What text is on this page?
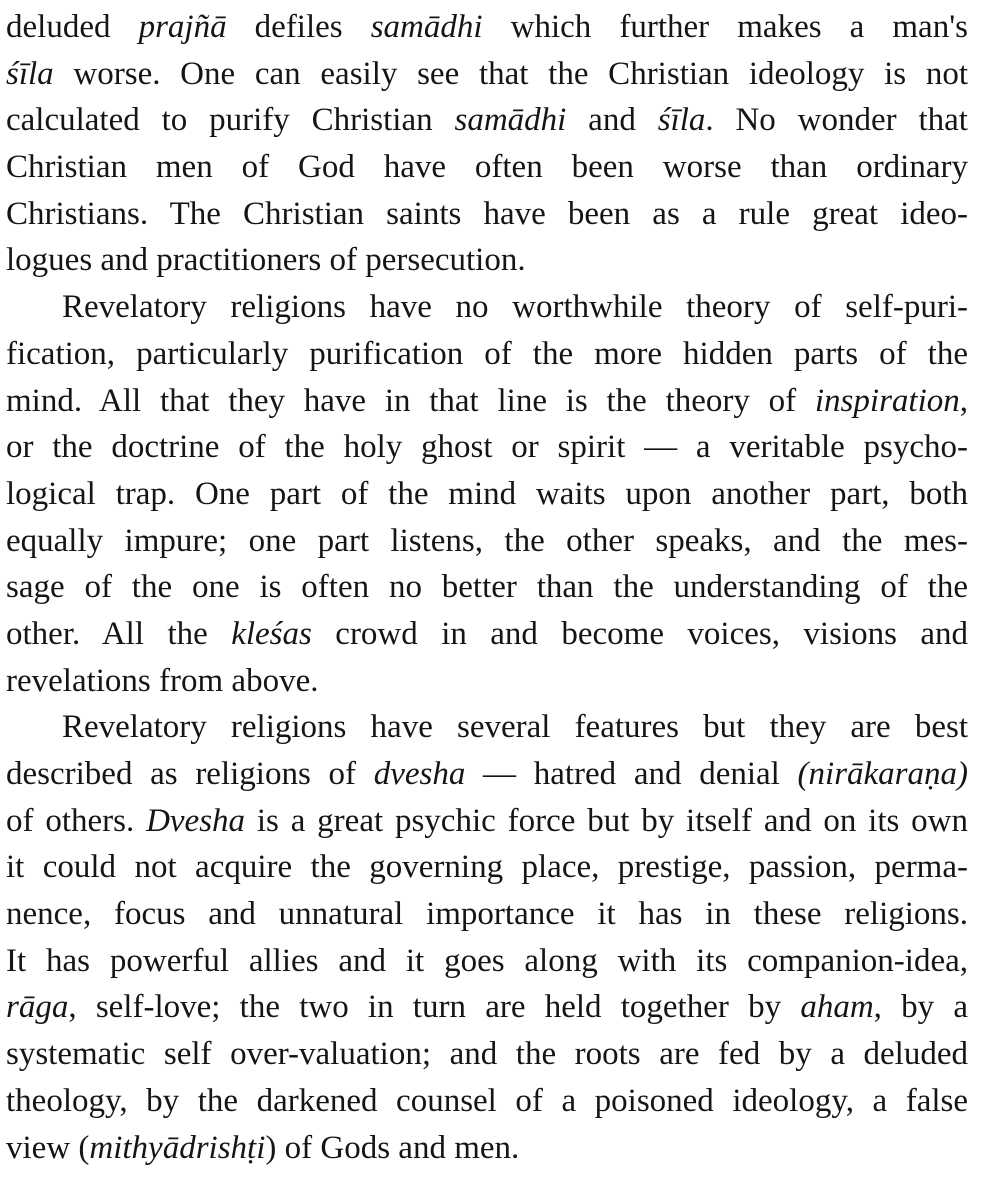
deluded prajñā defiles samādhi which further makes a man's
śīla worse. One can easily see that the Christian ideology is not
calculated to purify Christian samādhi and śīla. No wonder that
Christian men of God have often been worse than ordinary
Christians. The Christian saints have been as a rule great ideo-
logues and practitioners of persecution.
Revelatory religions have no worthwhile theory of self-puri-
fication, particularly purification of the more hidden parts of the
mind. All that they have in that line is the theory of inspiration,
or the doctrine of the holy ghost or spirit — a veritable psycho-
logical trap. One part of the mind waits upon another part, both
equally impure; one part listens, the other speaks, and the mes-
sage of the one is often no better than the understanding of the
other. All the kleśas crowd in and become voices, visions and
revelations from above.
Revelatory religions have several features but they are best
described as religions of dvesha — hatred and denial (nirākaraṇa)
of others. Dvesha is a great psychic force but by itself and on its own
it could not acquire the governing place, prestige, passion, perma-
nence, focus and unnatural importance it has in these religions.
It has powerful allies and it goes along with its companion-idea,
rāga, self-love; the two in turn are held together by aham, by a
systematic self over-valuation; and the roots are fed by a deluded
theology, by the darkened counsel of a poisoned ideology, a false
view (mithyādrishṭi) of Gods and men.
